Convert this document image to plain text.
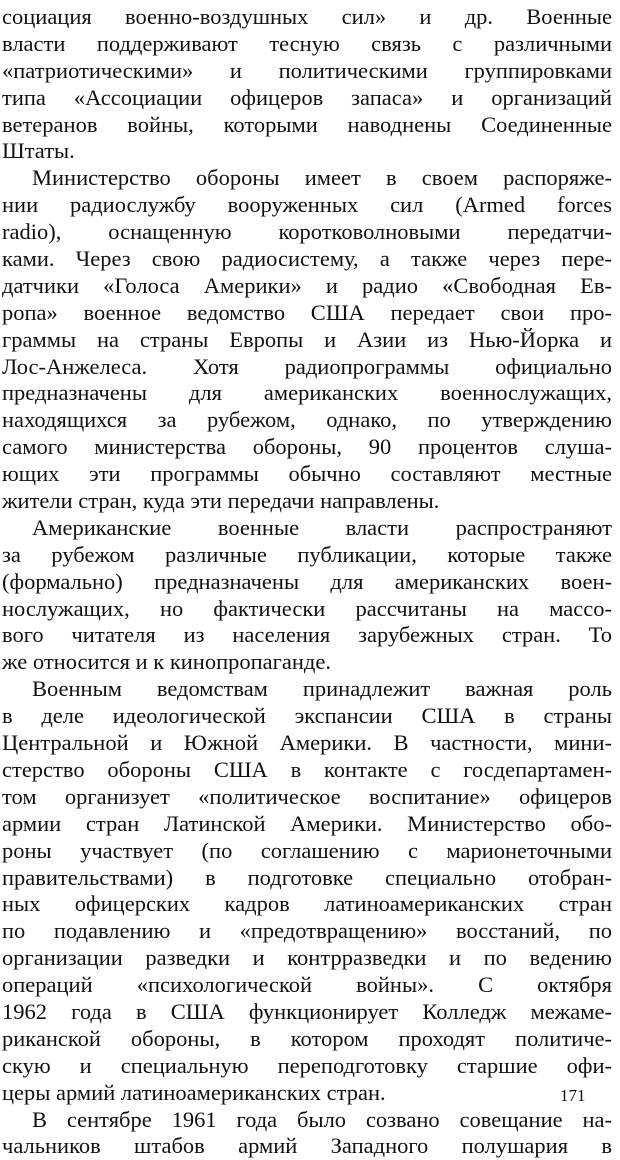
социация военно-воздушных сил» и др. Военные
власти поддерживают тесную связь с различными
«патриотическими» и политическими группировками
типа «Ассоциации офицеров запаса» и организаций
ветеранов войны, которыми наводнены Соединенные
Штаты.
Министерство обороны имеет в своем распоряже-
нии радиослужбу вооруженных сил (Armed forces
radio), оснащенную коротковолновыми передатчи-
ками. Через свою радиосистему, а также через пере-
датчики «Голоса Америки» и радио «Свободная Ев-
ропа» военное ведомство США передает свои про-
граммы на страны Европы и Азии из Нью-Йорка и
Лос-Анжелеса. Хотя радиопрограммы официально
предназначены для американских военнослужащих,
находящихся за рубежом, однако, по утверждению
самого министерства обороны, 90 процентов слуша-
ющих эти программы обычно составляют местные
жители стран, куда эти передачи направлены.
Американские военные власти распространяют
за рубежом различные публикации, которые также
(формально) предназначены для американских воен-
нослужащих, но фактически рассчитаны на массо-
вого читателя из населения зарубежных стран. То
же относится и к кинопропаганде.
Военным ведомствам принадлежит важная роль
в деле идеологической экспансии США в страны
Центральной и Южной Америки. В частности, мини-
стерство обороны США в контакте с госдепартамен-
том организует «политическое воспитание» офицеров
армии стран Латинской Америки. Министерство обо-
роны участвует (по соглашению с марионеточными
правительствами) в подготовке специально отобран-
ных офицерских кадров латиноамериканских стран
по подавлению и «предотвращению» восстаний, по
организации разведки и контрразведки и по ведению
операций «психологической войны». С октября
1962 года в США функционирует Колледж межаме-
риканской обороны, в котором проходят политиче-
скую и специальную переподготовку старшие офи-
церы армий латиноамериканских стран.
В сентябре 1961 года было созвано совещание на-
чальников штабов армий Западного полушария в
171
